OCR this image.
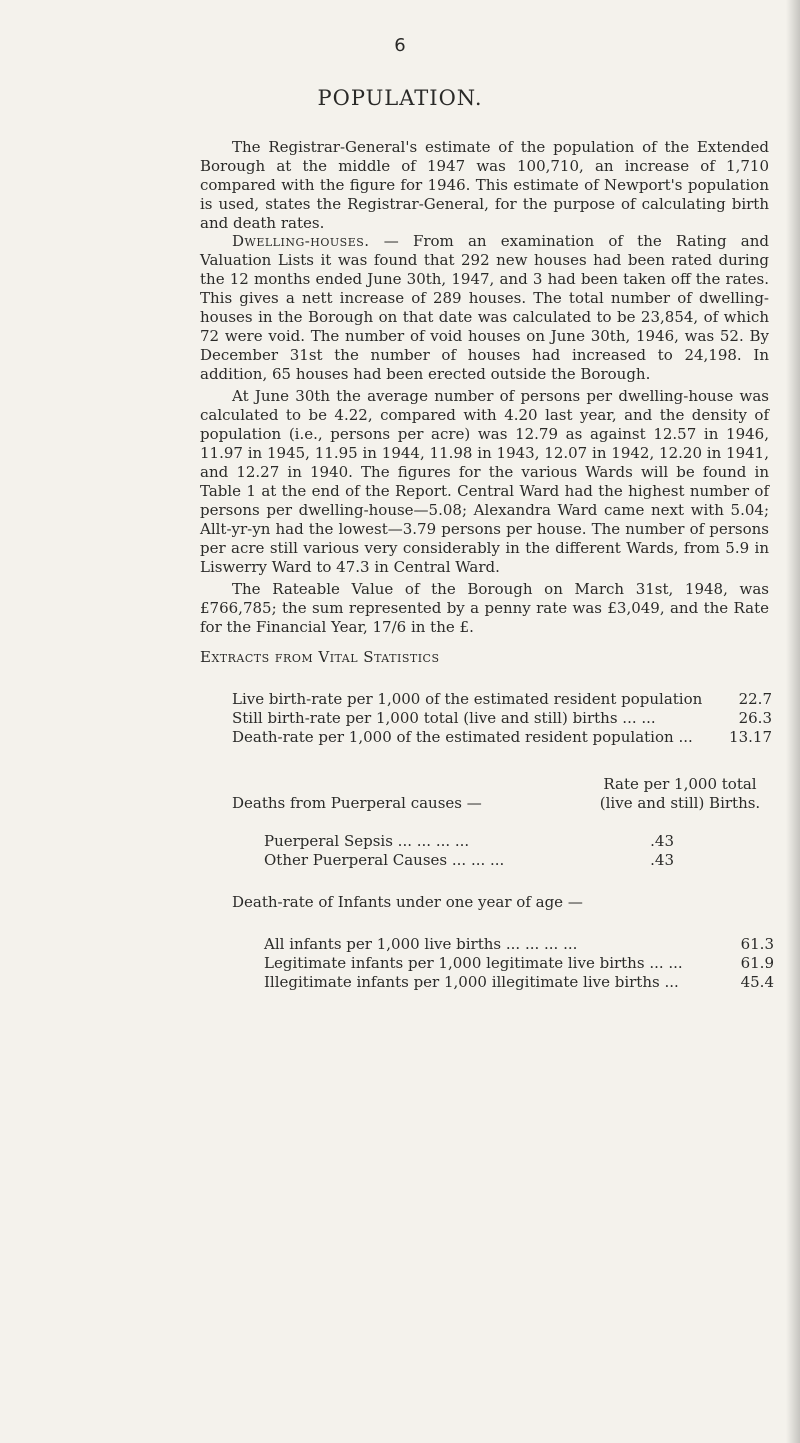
6
POPULATION.

The Registrar-General's estimate of the population of the Extended Borough at the middle of 1947 was 100,710, an increase of 1,710 compared with the figure for 1946. This estimate of Newport's population is used, states the Registrar-General, for the purpose of calculating birth and death rates.

Dwelling-houses. — From an examination of the Rating and Valuation Lists it was found that 292 new houses had been rated during the 12 months ended June 30th, 1947, and 3 had been taken off the rates. This gives a nett increase of 289 houses. The total number of dwelling-houses in the Borough on that date was calculated to be 23,854, of which 72 were void. The number of void houses on June 30th, 1946, was 52. By December 31st the number of houses had increased to 24,198. In addition, 65 houses had been erected outside the Borough.

At June 30th the average number of persons per dwelling-house was calculated to be 4.22, compared with 4.20 last year, and the density of population (i.e., persons per acre) was 12.79 as against 12.57 in 1946, 11.97 in 1945, 11.95 in 1944, 11.98 in 1943, 12.07 in 1942, 12.20 in 1941, and 12.27 in 1940. The figures for the various Wards will be found in Table 1 at the end of the Report. Central Ward had the highest number of persons per dwelling-house—5.08; Alexandra Ward came next with 5.04; Allt-yr-yn had the lowest—3.79 persons per house. The number of persons per acre still various very considerably in the different Wards, from 5.9 in Liswerry Ward to 47.3 in Central Ward.

The Rateable Value of the Borough on March 31st, 1948, was £766,785; the sum represented by a penny rate was £3,049, and the Rate for the Financial Year, 17/6 in the £.

Extracts from Vital Statistics
Live birth-rate per 1,000 of the estimated resident population 22.7
Still birth-rate per 1,000 total (live and still) births ... ...	26.3
Death-rate per 1,000 of the estimated resident population ... 13.17
Rate per 1,000 total
Deaths from Puerperal causes —	(live and still) Births.
Puerperal Sepsis ... ... ... ...	.43
Other Puerperal Causes ... ... ...	.43
Death-rate of Infants under one year of age —
All infants per 1,000 live births ... ... ... ...	61.3
Legitimate infants per 1,000 legitimate live births ... ...	61.9
Illegitimate infants per 1,000 illegitimate live births ...	45.4
